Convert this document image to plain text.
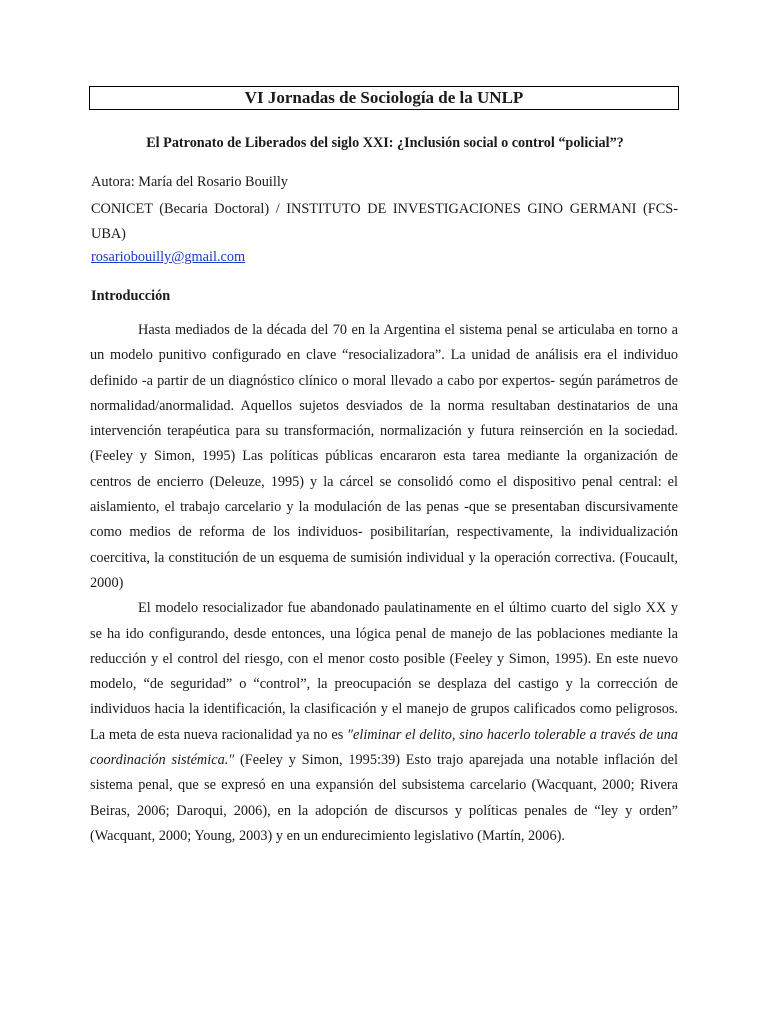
VI Jornadas de Sociología de la UNLP
El Patronato de Liberados del siglo XXI: ¿Inclusión social o control “policial”?
Autora: María del Rosario Bouilly
CONICET (Becaria Doctoral) / INSTITUTO DE INVESTIGACIONES GINO GERMANI (FCS-UBA)
rosariobouilly@gmail.com
Introducción

Hasta mediados de la década del 70 en la Argentina el sistema penal se articulaba en torno a un modelo punitivo configurado en clave “resocializadora”. La unidad de análisis era el individuo definido -a partir de un diagnóstico clínico o moral llevado a cabo por expertos- según parámetros de normalidad/anormalidad. Aquellos sujetos desviados de la norma resultaban destinatarios de una intervención terapéutica para su transformación, normalización y futura reinserción en la sociedad. (Feeley y Simon, 1995) Las políticas públicas encararon esta tarea mediante la organización de centros de encierro (Deleuze, 1995) y la cárcel se consolidó como el dispositivo penal central: el aislamiento, el trabajo carcelario y la modulación de las penas -que se presentaban discursivamente como medios de reforma de los individuos- posibilitarían, respectivamente, la individualización coercitiva, la constitución de un esquema de sumisión individual y la operación correctiva. (Foucault, 2000)

El modelo resocializador fue abandonado paulatinamente en el último cuarto del siglo XX y se ha ido configurando, desde entonces, una lógica penal de manejo de las poblaciones mediante la reducción y el control del riesgo, con el menor costo posible (Feeley y Simon, 1995). En este nuevo modelo, “de seguridad” o “control”, la preocupación se desplaza del castigo y la corrección de individuos hacia la identificación, la clasificación y el manejo de grupos calificados como peligrosos. La meta de esta nueva racionalidad ya no es ″eliminar el delito, sino hacerlo tolerable a través de una coordinación sistémica.″ (Feeley y Simon, 1995:39) Esto trajo aparejada una notable inflación del sistema penal, que se expresó en una expansión del subsistema carcelario (Wacquant, 2000; Rivera Beiras, 2006; Daroqui, 2006), en la adopción de discursos y políticas penales de “ley y orden” (Wacquant, 2000; Young, 2003) y en un endurecimiento legislativo (Martín, 2006).
